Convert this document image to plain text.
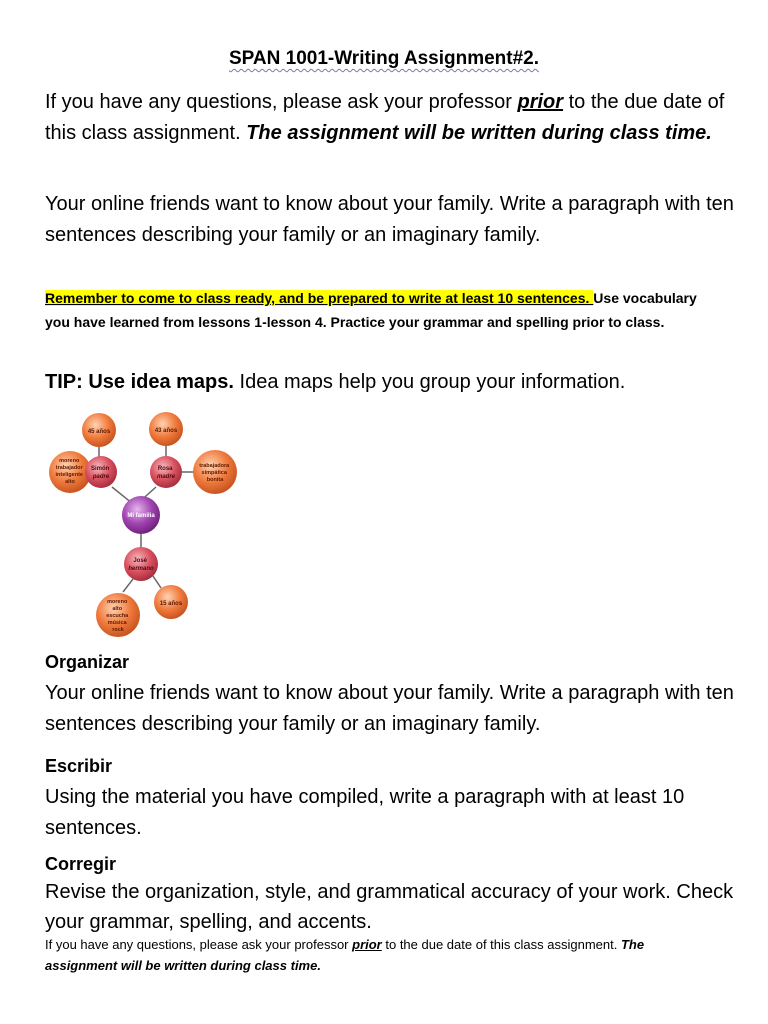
SPAN 1001-Writing Assignment#2.
If you have any questions, please ask your professor prior to the due date of this class assignment. The assignment will be written during class time.
Your online friends want to know about your family. Write a paragraph with ten sentences describing your family or an imaginary family.
Remember to come to class ready, and be prepared to write at least 10 sentences. Use vocabulary you have learned from lessons 1-lesson 4. Practice your grammar and spelling prior to class.
TIP: Use idea maps. Idea maps help you group your information.
45 años	43 años
moreno trabajador inteligente alto
Simón padre
Rosa madre
trabajadora simpática bonita
Mi familia
José hermano
15 años
moreno alto escucha música rock
Organizar
Your online friends want to know about your family. Write a paragraph with ten sentences describing your family or an imaginary family.
Escribir
Using the material you have compiled, write a paragraph with at least 10 sentences.
Corregir
Revise the organization, style, and grammatical accuracy of your work. Check your grammar, spelling, and accents.
If you have any questions, please ask your professor prior to the due date of this class assignment. The assignment will be written during class time.
